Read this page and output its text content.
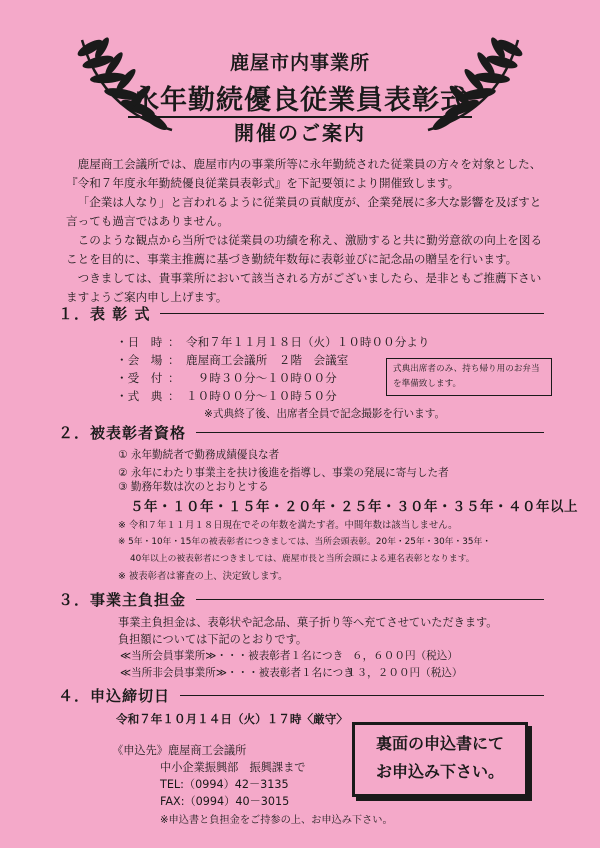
鹿屋市内事業所
永年勤続優良従業員表彰式
開催のご案内

鹿屋商工会議所では、鹿屋市内の事業所等に永年勤続された従業員の方々を対象とした、『令和７年度永年勤続優良従業員表彰式』を下記要領により開催致します。

「企業は人なり」と言われるように従業員の貢献度が、企業発展に多大な影響を及ぼすと言っても過言ではありません。

このような観点から当所では従業員の功績を称え、激励すると共に勤労意欲の向上を図ることを目的に、事業主推薦に基づき勤続年数毎に表彰並びに記念品の贈呈を行います。

つきましては、貴事業所において該当される方がございましたら、是非ともご推薦下さいますようご案内申し上げます。

１．表 彰 式
・日　時 ： 令和７年１１月１８日（火）１０時００分より
・会　場 ： 鹿屋商工会議所　２階　会議室
・受　付 ： 　９時３０分～１０時００分
・式　典 ： １０時００分～１０時５０分
※式典終了後、出席者全員で記念撮影を行います。
式典出席者のみ、持ち帰り用のお弁当を準備致します。
２．被表彰者資格
① 永年勤続者で勤務成績優良な者
② 永年にわたり事業主を扶け後進を指導し、事業の発展に寄与した者
③ 勤務年数は次のとおりとする
５年・１０年・１５年・２０年・２５年・３０年・３５年・４０年以上
※ 令和７年１１月１８日現在でその年数を満たす者。中間年数は該当しません。
※ 5年・10年・15年の被表彰者につきましては、当所会頭表彰。20年・25年・30年・35年・
40年以上の被表彰者につきましては、鹿屋市長と当所会頭による連名表彰となります。
※ 被表彰者は審査の上、決定致します。
３．事業主負担金
事業主負担金は、表彰状や記念品、菓子折り等へ充てさせていただきます。
負担額については下記のとおりです。
≪当所会員事業所≫・・・被表彰者１名につき ６，６００円（税込）
≪当所非会員事業所≫・・・被表彰者１名につき
１３，２００円（税込）
４．申込締切日
令和７年１０月１４日（火）１７時〈厳守〉
《申込先》鹿屋商工会議所
中小企業振興部　振興課まで
TEL:（0994）42－3135
FAX:（0994）40－3015
※申込書と負担金をご持参の上、お申込み下さい。
裏面の申込書にて
お申込み下さい。
